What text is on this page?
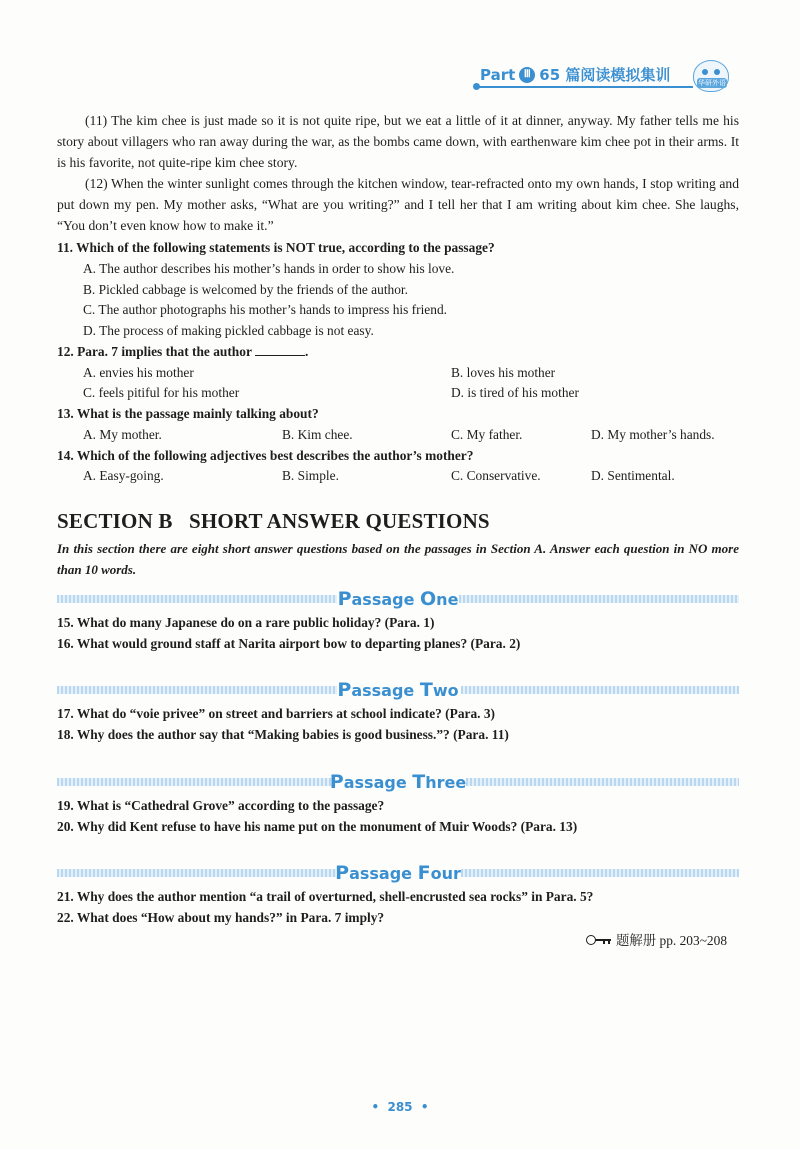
Part Ⅲ 65 篇阅读模拟集训	华研外语
(11) The kim chee is just made so it is not quite ripe, but we eat a little of it at dinner, anyway. My father tells me his story about villagers who ran away during the war, as the bombs came down, with earthenware kim chee pot in their arms. It is his favorite, not quite-ripe kim chee story.
(12) When the winter sunlight comes through the kitchen window, tear-refracted onto my own hands, I stop writing and put down my pen. My mother asks, “What are you writing?” and I tell her that I am writing about kim chee. She laughs, “You don’t even know how to make it.”
11. Which of the following statements is NOT true, according to the passage?
A. The author describes his mother’s hands in order to show his love.
B. Pickled cabbage is welcomed by the friends of the author.
C. The author photographs his mother’s hands to impress his friend.
D. The process of making pickled cabbage is not easy.
12. Para. 7 implies that the author	.
A. envies his mother	B. loves his mother
C. feels pitiful for his mother	D. is tired of his mother
13. What is the passage mainly talking about?
A. My mother.	B. Kim chee.	C. My father.	D. My mother’s hands.
14. Which of the following adjectives best describes the author’s mother?
A. Easy-going.	B. Simple.	C. Conservative.	D. Sentimental.
SECTION B   SHORT ANSWER QUESTIONS
In this section there are eight short answer questions based on the passages in Section A. Answer each question in NO more than 10 words.
Passage One
15. What do many Japanese do on a rare public holiday? (Para. 1)
16. What would ground staff at Narita airport bow to departing planes? (Para. 2)
Passage Two
17. What do “voie privee” on street and barriers at school indicate? (Para. 3)
18. Why does the author say that “Making babies is good business.”? (Para. 11)
Passage Three
19. What is “Cathedral Grove” according to the passage?
20. Why did Kent refuse to have his name put on the monument of Muir Woods? (Para. 13)
Passage Four
21. Why does the author mention “a trail of overturned, shell-encrusted sea rocks” in Para. 5?
22. What does “How about my hands?” in Para. 7 imply?
题解册 pp. 203~208
•  285  •
